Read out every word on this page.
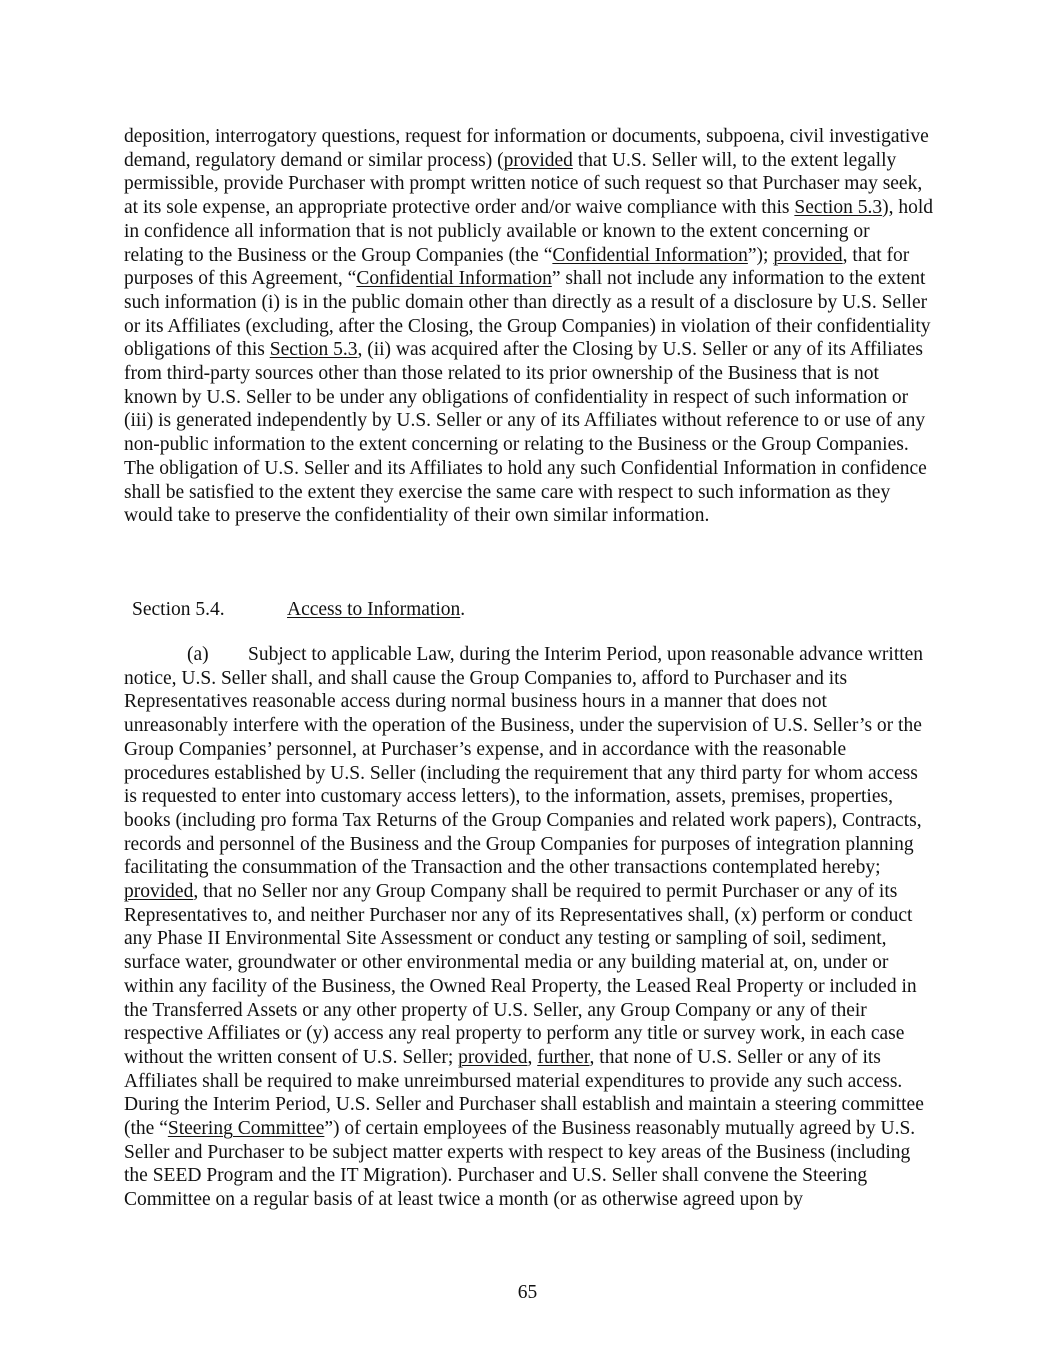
deposition, interrogatory questions, request for information or documents, subpoena, civil investigative demand, regulatory demand or similar process) (provided that U.S. Seller will, to the extent legally permissible, provide Purchaser with prompt written notice of such request so that Purchaser may seek, at its sole expense, an appropriate protective order and/or waive compliance with this Section 5.3), hold in confidence all information that is not publicly available or known to the extent concerning or relating to the Business or the Group Companies (the “Confidential Information”); provided, that for purposes of this Agreement, “Confidential Information” shall not include any information to the extent such information (i) is in the public domain other than directly as a result of a disclosure by U.S. Seller or its Affiliates (excluding, after the Closing, the Group Companies) in violation of their confidentiality obligations of this Section 5.3, (ii) was acquired after the Closing by U.S. Seller or any of its Affiliates from third-party sources other than those related to its prior ownership of the Business that is not known by U.S. Seller to be under any obligations of confidentiality in respect of such information or (iii) is generated independently by U.S. Seller or any of its Affiliates without reference to or use of any non-public information to the extent concerning or relating to the Business or the Group Companies. The obligation of U.S. Seller and its Affiliates to hold any such Confidential Information in confidence shall be satisfied to the extent they exercise the same care with respect to such information as they would take to preserve the confidentiality of their own similar information.

Section 5.4.	Access to Information.

(a) Subject to applicable Law, during the Interim Period, upon reasonable advance written notice, U.S. Seller shall, and shall cause the Group Companies to, afford to Purchaser and its Representatives reasonable access during normal business hours in a manner that does not unreasonably interfere with the operation of the Business, under the supervision of U.S. Seller’s or the Group Companies’ personnel, at Purchaser’s expense, and in accordance with the reasonable procedures established by U.S. Seller (including the requirement that any third party for whom access is requested to enter into customary access letters), to the information, assets, premises, properties, books (including pro forma Tax Returns of the Group Companies and related work papers), Contracts, records and personnel of the Business and the Group Companies for purposes of integration planning facilitating the consummation of the Transaction and the other transactions contemplated hereby; provided, that no Seller nor any Group Company shall be required to permit Purchaser or any of its Representatives to, and neither Purchaser nor any of its Representatives shall, (x) perform or conduct any Phase II Environmental Site Assessment or conduct any testing or sampling of soil, sediment, surface water, groundwater or other environmental media or any building material at, on, under or within any facility of the Business, the Owned Real Property, the Leased Real Property or included in the Transferred Assets or any other property of U.S. Seller, any Group Company or any of their respective Affiliates or (y) access any real property to perform any title or survey work, in each case without the written consent of U.S. Seller; provided, further, that none of U.S. Seller or any of its Affiliates shall be required to make unreimbursed material expenditures to provide any such access. During the Interim Period, U.S. Seller and Purchaser shall establish and maintain a steering committee (the “Steering Committee”) of certain employees of the Business reasonably mutually agreed by U.S. Seller and Purchaser to be subject matter experts with respect to key areas of the Business (including the SEED Program and the IT Migration). Purchaser and U.S. Seller shall convene the Steering Committee on a regular basis of at least twice a month (or as otherwise agreed upon by

65
